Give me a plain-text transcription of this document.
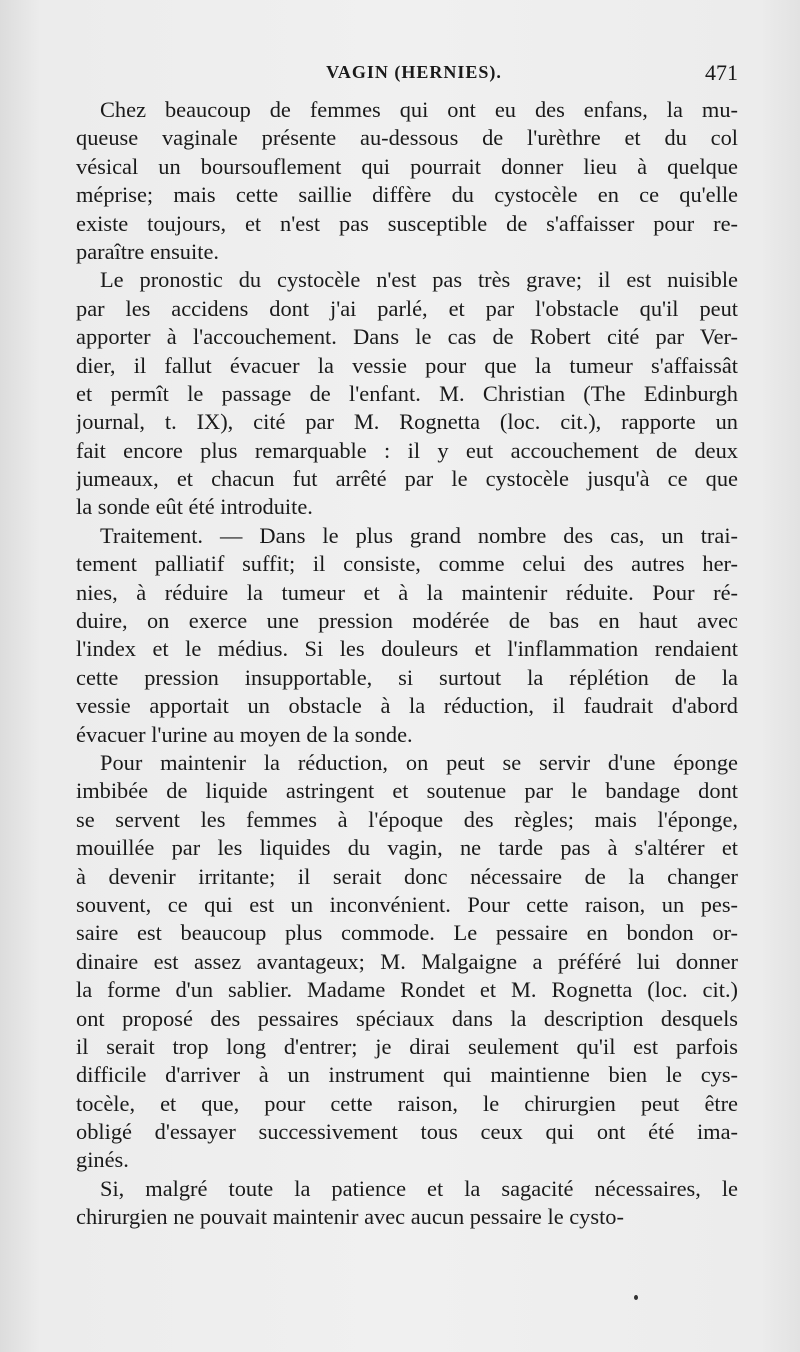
VAGIN (HERNIES).	471
Chez beaucoup de femmes qui ont eu des enfans, la mu-
queuse vaginale présente au-dessous de l'urèthre et du col
vésical un boursouflement qui pourrait donner lieu à quelque
méprise; mais cette saillie diffère du cystocèle en ce qu'elle
existe toujours, et n'est pas susceptible de s'affaisser pour re-
paraître ensuite.
Le pronostic du cystocèle n'est pas très grave; il est nuisible
par les accidens dont j'ai parlé, et par l'obstacle qu'il peut
apporter à l'accouchement. Dans le cas de Robert cité par Ver-
dier, il fallut évacuer la vessie pour que la tumeur s'affaissât
et permît le passage de l'enfant. M. Christian (The Edinburgh
journal, t. IX), cité par M. Rognetta (loc. cit.), rapporte un
fait encore plus remarquable : il y eut accouchement de deux
jumeaux, et chacun fut arrêté par le cystocèle jusqu'à ce que
la sonde eût été introduite.
Traitement. — Dans le plus grand nombre des cas, un trai-
tement palliatif suffit; il consiste, comme celui des autres her-
nies, à réduire la tumeur et à la maintenir réduite. Pour ré-
duire, on exerce une pression modérée de bas en haut avec
l'index et le médius. Si les douleurs et l'inflammation rendaient
cette pression insupportable, si surtout la réplétion de la
vessie apportait un obstacle à la réduction, il faudrait d'abord
évacuer l'urine au moyen de la sonde.
Pour maintenir la réduction, on peut se servir d'une éponge
imbibée de liquide astringent et soutenue par le bandage dont
se servent les femmes à l'époque des règles; mais l'éponge,
mouillée par les liquides du vagin, ne tarde pas à s'altérer et
à devenir irritante; il serait donc nécessaire de la changer
souvent, ce qui est un inconvénient. Pour cette raison, un pes-
saire est beaucoup plus commode. Le pessaire en bondon or-
dinaire est assez avantageux; M. Malgaigne a préféré lui donner
la forme d'un sablier. Madame Rondet et M. Rognetta (loc. cit.)
ont proposé des pessaires spéciaux dans la description desquels
il serait trop long d'entrer; je dirai seulement qu'il est parfois
difficile d'arriver à un instrument qui maintienne bien le cys-
tocèle, et que, pour cette raison, le chirurgien peut être
obligé d'essayer successivement tous ceux qui ont été ima-
ginés.
Si, malgré toute la patience et la sagacité nécessaires, le
chirurgien ne pouvait maintenir avec aucun pessaire le cysto-
